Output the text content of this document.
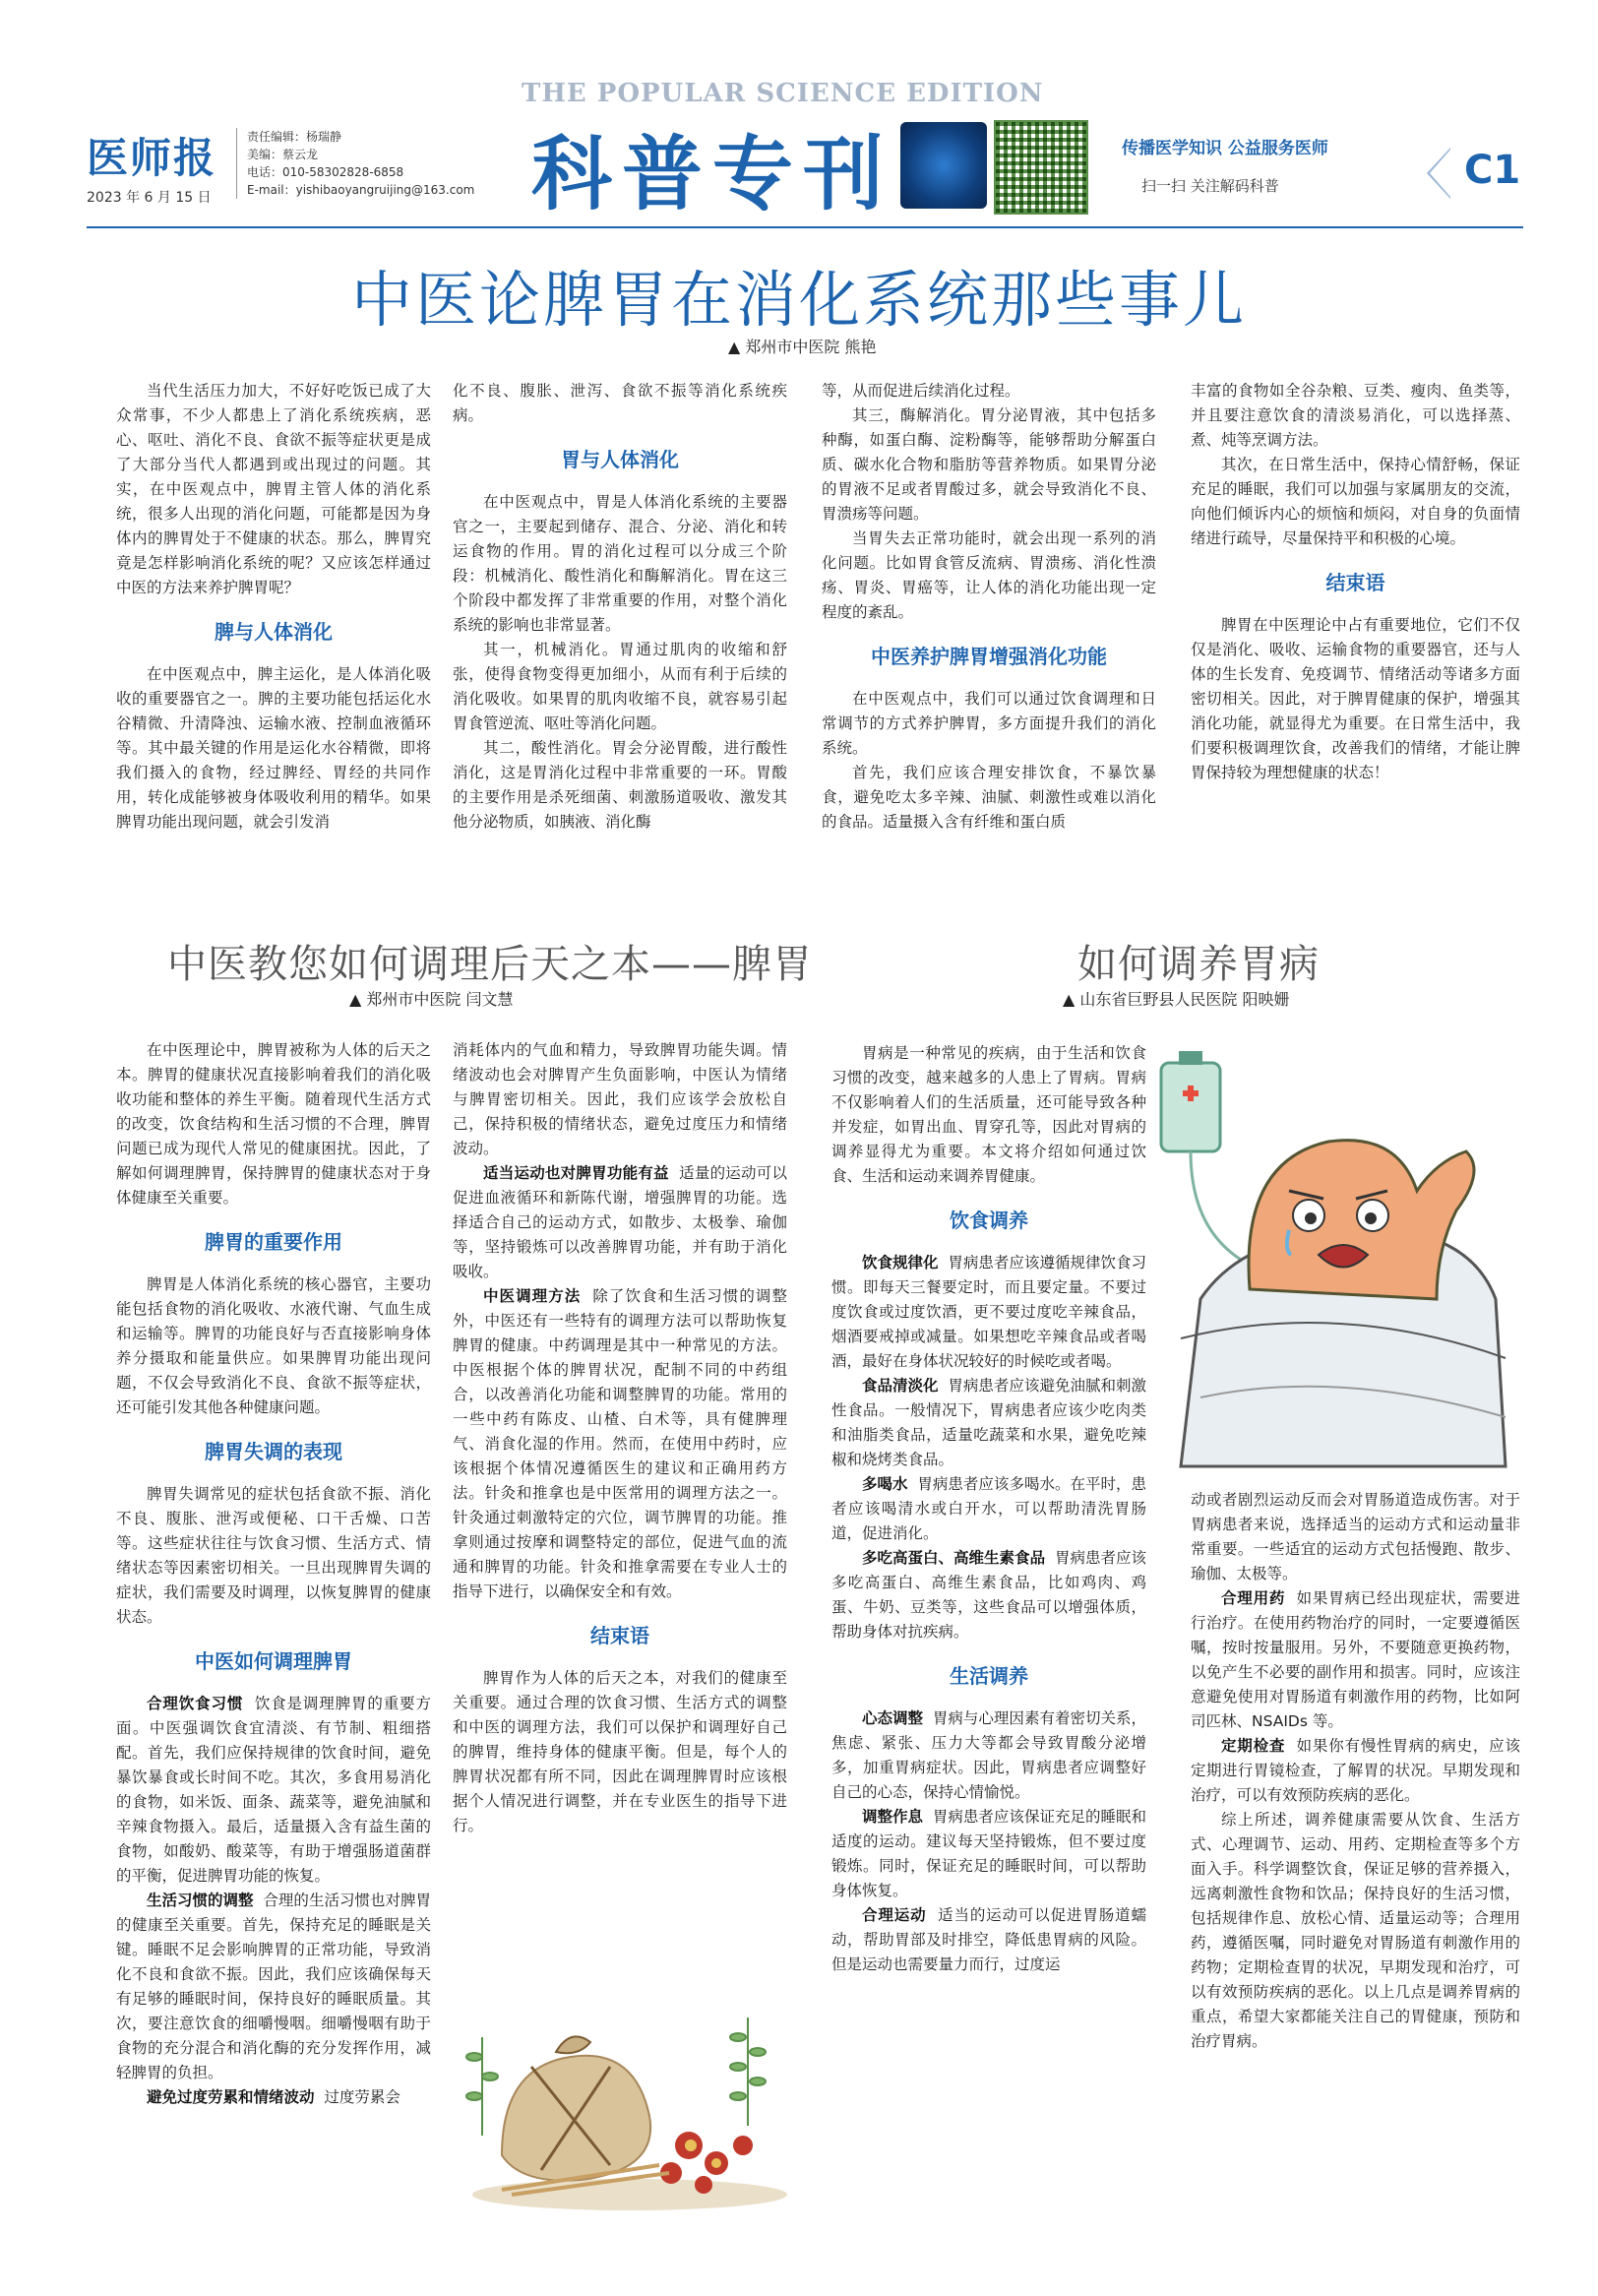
医师报
2023 年 6 月 15 日
责任编辑：杨瑞静
美编：蔡云龙
电话：010-58302828-6858
E-mail：yishibaoyangruijing@163.com
THE POPULAR SCIENCE EDITION
科普专刊	传播医学知识 公益服务医师
扫一扫 关注解码科普	C1
中医论脾胃在消化系统那些事儿
▲ 郑州市中医院 熊艳

当代生活压力加大，不好好吃饭已成了大众常事，不少人都患上了消化系统疾病，恶心、呕吐、消化不良、食欲不振等症状更是成了大部分当代人都遇到或出现过的问题。其实，在中医观点中，脾胃主管人体的消化系统，很多人出现的消化问题，可能都是因为身体内的脾胃处于不健康的状态。那么，脾胃究竟是怎样影响消化系统的呢？又应该怎样通过中医的方法来养护脾胃呢？

脾与人体消化

在中医观点中，脾主运化，是人体消化吸收的重要器官之一。脾的主要功能包括运化水谷精微、升清降浊、运输水液、控制血液循环等。其中最关键的作用是运化水谷精微，即将我们摄入的食物，经过脾经、胃经的共同作用，转化成能够被身体吸收利用的精华。如果脾胃功能出现问题，就会引发消

化不良、腹胀、泄泻、食欲不振等消化系统疾病。

胃与人体消化

在中医观点中，胃是人体消化系统的主要器官之一，主要起到储存、混合、分泌、消化和转运食物的作用。胃的消化过程可以分成三个阶段：机械消化、酸性消化和酶解消化。胃在这三个阶段中都发挥了非常重要的作用，对整个消化系统的影响也非常显著。

其一，机械消化。胃通过肌肉的收缩和舒张，使得食物变得更加细小，从而有利于后续的消化吸收。如果胃的肌肉收缩不良，就容易引起胃食管逆流、呕吐等消化问题。

其二，酸性消化。胃会分泌胃酸，进行酸性消化，这是胃消化过程中非常重要的一环。胃酸的主要作用是杀死细菌、刺激肠道吸收、激发其他分泌物质，如胰液、消化酶

等，从而促进后续消化过程。

其三，酶解消化。胃分泌胃液，其中包括多种酶，如蛋白酶、淀粉酶等，能够帮助分解蛋白质、碳水化合物和脂肪等营养物质。如果胃分泌的胃液不足或者胃酸过多，就会导致消化不良、胃溃疡等问题。

当胃失去正常功能时，就会出现一系列的消化问题。比如胃食管反流病、胃溃疡、消化性溃疡、胃炎、胃癌等，让人体的消化功能出现一定程度的紊乱。

中医养护脾胃增强消化功能

在中医观点中，我们可以通过饮食调理和日常调节的方式养护脾胃，多方面提升我们的消化系统。

首先，我们应该合理安排饮食，不暴饮暴食，避免吃太多辛辣、油腻、刺激性或难以消化的食品。适量摄入含有纤维和蛋白质

丰富的食物如全谷杂粮、豆类、瘦肉、鱼类等，并且要注意饮食的清淡易消化，可以选择蒸、煮、炖等烹调方法。

其次，在日常生活中，保持心情舒畅，保证充足的睡眠，我们可以加强与家属朋友的交流，向他们倾诉内心的烦恼和烦闷，对自身的负面情绪进行疏导，尽量保持平和积极的心境。

结束语

脾胃在中医理论中占有重要地位，它们不仅仅是消化、吸收、运输食物的重要器官，还与人体的生长发育、免疫调节、情绪活动等诸多方面密切相关。因此，对于脾胃健康的保护，增强其消化功能，就显得尤为重要。在日常生活中，我们要积极调理饮食，改善我们的情绪，才能让脾胃保持较为理想健康的状态！

中医教您如何调理后天之本——脾胃
▲ 郑州市中医院 闫文慧

在中医理论中，脾胃被称为人体的后天之本。脾胃的健康状况直接影响着我们的消化吸收功能和整体的养生平衡。随着现代生活方式的改变，饮食结构和生活习惯的不合理，脾胃问题已成为现代人常见的健康困扰。因此，了解如何调理脾胃，保持脾胃的健康状态对于身体健康至关重要。

脾胃的重要作用

脾胃是人体消化系统的核心器官，主要功能包括食物的消化吸收、水液代谢、气血生成和运输等。脾胃的功能良好与否直接影响身体养分摄取和能量供应。如果脾胃功能出现问题，不仅会导致消化不良、食欲不振等症状，还可能引发其他各种健康问题。

脾胃失调的表现

脾胃失调常见的症状包括食欲不振、消化不良、腹胀、泄泻或便秘、口干舌燥、口苦等。这些症状往往与饮食习惯、生活方式、情绪状态等因素密切相关。一旦出现脾胃失调的症状，我们需要及时调理，以恢复脾胃的健康状态。

中医如何调理脾胃

合理饮食习惯 饮食是调理脾胃的重要方面。中医强调饮食宜清淡、有节制、粗细搭配。首先，我们应保持规律的饮食时间，避免暴饮暴食或长时间不吃。其次，多食用易消化的食物，如米饭、面条、蔬菜等，避免油腻和辛辣食物摄入。最后，适量摄入含有益生菌的食物，如酸奶、酸菜等，有助于增强肠道菌群的平衡，促进脾胃功能的恢复。

生活习惯的调整 合理的生活习惯也对脾胃的健康至关重要。首先，保持充足的睡眠是关键。睡眠不足会影响脾胃的正常功能，导致消化不良和食欲不振。因此，我们应该确保每天有足够的睡眠时间，保持良好的睡眠质量。其次，要注意饮食的细嚼慢咽。细嚼慢咽有助于食物的充分混合和消化酶的充分发挥作用，减轻脾胃的负担。

避免过度劳累和情绪波动 过度劳累会

消耗体内的气血和精力，导致脾胃功能失调。情绪波动也会对脾胃产生负面影响，中医认为情绪与脾胃密切相关。因此，我们应该学会放松自己，保持积极的情绪状态，避免过度压力和情绪波动。

适当运动也对脾胃功能有益 适量的运动可以促进血液循环和新陈代谢，增强脾胃的功能。选择适合自己的运动方式，如散步、太极拳、瑜伽等，坚持锻炼可以改善脾胃功能，并有助于消化吸收。

中医调理方法 除了饮食和生活习惯的调整外，中医还有一些特有的调理方法可以帮助恢复脾胃的健康。中药调理是其中一种常见的方法。中医根据个体的脾胃状况，配制不同的中药组合，以改善消化功能和调整脾胃的功能。常用的一些中药有陈皮、山楂、白术等，具有健脾理气、消食化湿的作用。然而，在使用中药时，应该根据个体情况遵循医生的建议和正确用药方法。针灸和推拿也是中医常用的调理方法之一。针灸通过刺激特定的穴位，调节脾胃的功能。推拿则通过按摩和调整特定的部位，促进气血的流通和脾胃的功能。针灸和推拿需要在专业人士的指导下进行，以确保安全和有效。

结束语

脾胃作为人体的后天之本，对我们的健康至关重要。通过合理的饮食习惯、生活方式的调整和中医的调理方法，我们可以保护和调理好自己的脾胃，维持身体的健康平衡。但是，每个人的脾胃状况都有所不同，因此在调理脾胃时应该根据个人情况进行调整，并在专业医生的指导下进行。

如何调养胃病
▲ 山东省巨野县人民医院 阳映姗

胃病是一种常见的疾病，由于生活和饮食习惯的改变，越来越多的人患上了胃病。胃病不仅影响着人们的生活质量，还可能导致各种并发症，如胃出血、胃穿孔等，因此对胃病的调养显得尤为重要。本文将介绍如何通过饮食、生活和运动来调养胃健康。

饮食调养

饮食规律化 胃病患者应该遵循规律饮食习惯。即每天三餐要定时，而且要定量。不要过度饮食或过度饮酒，更不要过度吃辛辣食品，烟酒要戒掉或减量。如果想吃辛辣食品或者喝酒，最好在身体状况较好的时候吃或者喝。

食品清淡化 胃病患者应该避免油腻和刺激性食品。一般情况下，胃病患者应该少吃肉类和油脂类食品，适量吃蔬菜和水果，避免吃辣椒和烧烤类食品。

多喝水 胃病患者应该多喝水。在平时，患者应该喝清水或白开水，可以帮助清洗胃肠道，促进消化。

多吃高蛋白、高维生素食品 胃病患者应该多吃高蛋白、高维生素食品，比如鸡肉、鸡蛋、牛奶、豆类等，这些食品可以增强体质，帮助身体对抗疾病。

生活调养

心态调整 胃病与心理因素有着密切关系，焦虑、紧张、压力大等都会导致胃酸分泌增多，加重胃病症状。因此，胃病患者应调整好自己的心态，保持心情愉悦。

调整作息 胃病患者应该保证充足的睡眠和适度的运动。建议每天坚持锻炼，但不要过度锻炼。同时，保证充足的睡眠时间，可以帮助身体恢复。

合理运动 适当的运动可以促进胃肠道蠕动，帮助胃部及时排空，降低患胃病的风险。但是运动也需要量力而行，过度运

动或者剧烈运动反而会对胃肠道造成伤害。对于胃病患者来说，选择适当的运动方式和运动量非常重要。一些适宜的运动方式包括慢跑、散步、瑜伽、太极等。

合理用药 如果胃病已经出现症状，需要进行治疗。在使用药物治疗的同时，一定要遵循医嘱，按时按量服用。另外，不要随意更换药物，以免产生不必要的副作用和损害。同时，应该注意避免使用对胃肠道有刺激作用的药物，比如阿司匹林、NSAIDs 等。

定期检查 如果你有慢性胃病的病史，应该定期进行胃镜检查，了解胃的状况。早期发现和治疗，可以有效预防疾病的恶化。

综上所述，调养健康需要从饮食、生活方式、心理调节、运动、用药、定期检查等多个方面入手。科学调整饮食，保证足够的营养摄入，远离刺激性食物和饮品；保持良好的生活习惯，包括规律作息、放松心情、适量运动等；合理用药，遵循医嘱，同时避免对胃肠道有刺激作用的药物；定期检查胃的状况，早期发现和治疗，可以有效预防疾病的恶化。以上几点是调养胃病的重点，希望大家都能关注自己的胃健康，预防和治疗胃病。
